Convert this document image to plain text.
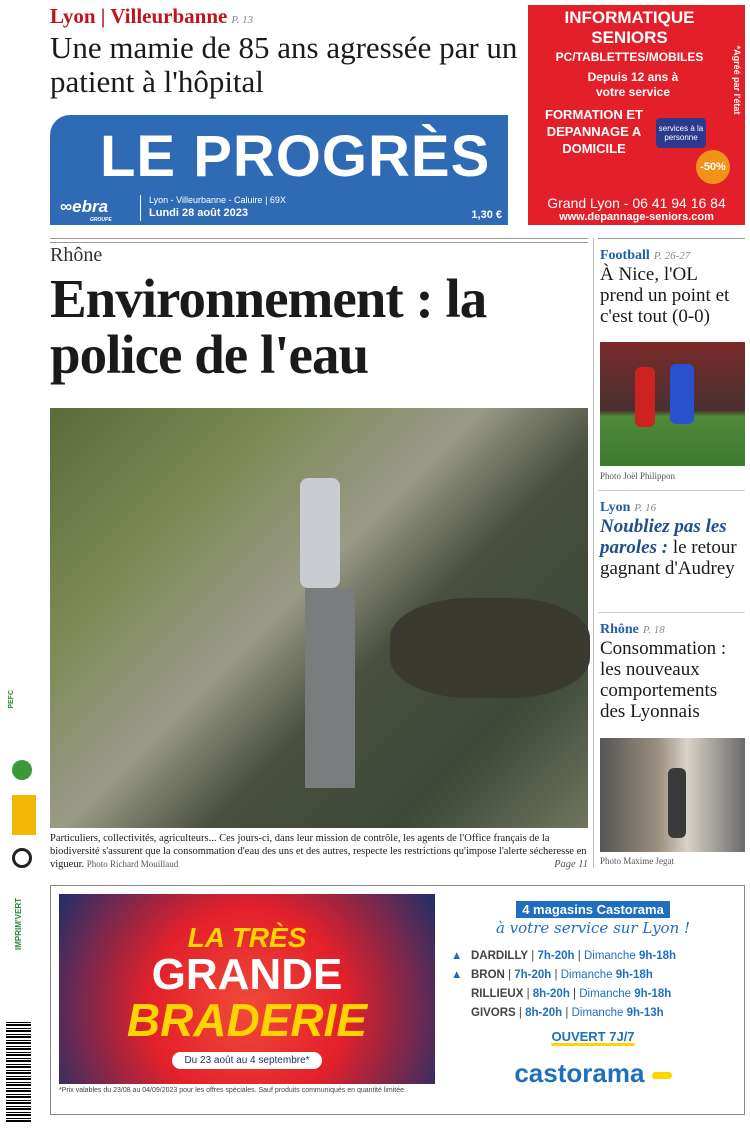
Lyon | Villeurbanne P. 13
Une mamie de 85 ans agressée par un patient à l'hôpital
INFORMATIQUE SENIORS
PC/TABLETTES/MOBILES
Depuis 12 ans à votre service
FORMATION ET DEPANNAGE A DOMICILE
services à la personne
-50%
*Agréé par l'état
Grand Lyon - 06 41 94 16 84
www.depannage-seniors.com
LE PROGRÈS
∞ebra
GROUPE
Lyon - Villeurbanne - Caluire | 69X
Lundi 28 août 2023	1,30 €
Rhône
Environnement : la police de l'eau
Particuliers, collectivités, agriculteurs... Ces jours-ci, dans leur mission de contrôle, les agents de l'Office français de la biodiversité s'assurent que la consommation d'eau des uns et des autres, respecte les restrictions qu'impose l'alerte sécheresse en vigueur. Photo Richard Mouillaud	Page 11
Football P. 26-27
À Nice, l'OL prend un point et c'est tout (0-0)
Photo Joël Philippon
Lyon P. 16
Noubliez pas les paroles : le retour gagnant d'Audrey
Rhône P. 18
Consommation : les nouveaux comportements des Lyonnais
Photo Maxime Jegat
PEFC
IMPRIM'VERT	LA TRÈS
GRANDE
BRADERIE
Du 23 août au 4 septembre*
*Prix valables du 23/08 au 04/09/2023 pour les offres spéciales. Sauf produits communiqués en quantité limitée.
4 magasins Castorama
à votre service sur Lyon !
▲ DARDILLY | 7h-20h | Dimanche 9h-18h
▲ BRON | 7h-20h | Dimanche 9h-18h
RILLIEUX | 8h-20h | Dimanche 9h-18h
GIVORS | 8h-20h | Dimanche 9h-13h
OUVERT 7J/7
castorama
